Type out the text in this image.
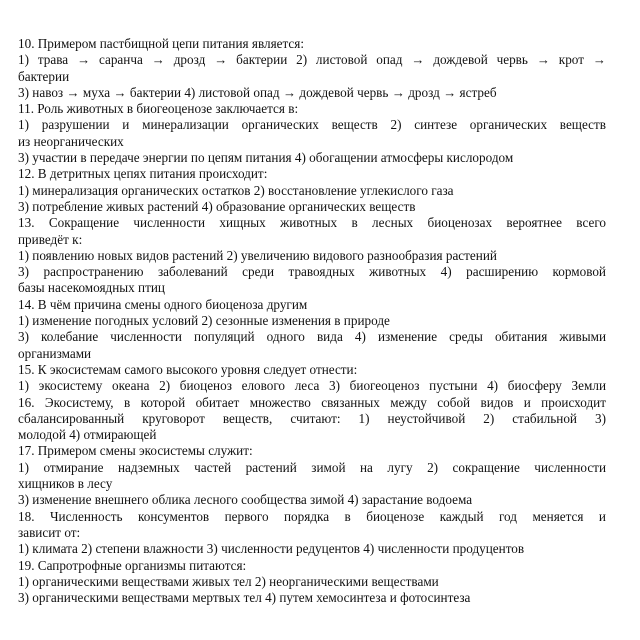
10. Примером пастбищной цепи питания является:
1) трава → саранча → дрозд → бактерии 2) листовой опад → дождевой червь → крот →
бактерии
3) навоз → муха → бактерии 4) листовой опад → дождевой червь → дрозд → ястреб
11. Роль животных в биогеоценозе заключается в:
1) разрушении и минерализации органических веществ 2) синтезе органических веществ
из неорганических
3) участии в передаче энергии по цепям питания 4) обогащении атмосферы кислородом
12. В детритных цепях питания происходит:
1) минерализация органических остатков 2) восстановление углекислого газа
3) потребление живых растений 4) образование органических веществ
13. Сокращение численности хищных животных в лесных биоценозах вероятнее всего
приведёт к:
1) появлению новых видов растений 2) увеличению видового разнообразия растений
3) распространению заболеваний среди травоядных животных 4) расширению кормовой
базы насекомоядных птиц
14. В чём причина смены одного биоценоза другим
1) изменение погодных условий 2) сезонные изменения в природе
3) колебание численности популяций одного вида 4) изменение среды обитания живыми
организмами
15. К экосистемам самого высокого уровня следует отнести:
1) экосистему океана 2) биоценоз елового леса 3) биогеоценоз пустыни 4) биосферу Земли
16. Экосистему, в которой обитает множество связанных между собой видов и происходит
сбалансированный круговорот веществ, считают: 1) неустойчивой 2) стабильной 3)
молодой 4) отмирающей
17. Примером смены экосистемы служит:
1) отмирание надземных частей растений зимой на лугу 2) сокращение численности
хищников в лесу
3) изменение внешнего облика лесного сообщества зимой 4) зарастание водоема
18. Численность консументов первого порядка в биоценозе каждый год меняется и
зависит от:
1) климата 2) степени влажности 3) численности редуцентов 4) численности продуцентов
19. Сапротрофные организмы питаются:
1) органическими веществами живых тел 2) неорганическими веществами
3) органическими веществами мертвых тел 4) путем хемосинтеза и фотосинтеза
